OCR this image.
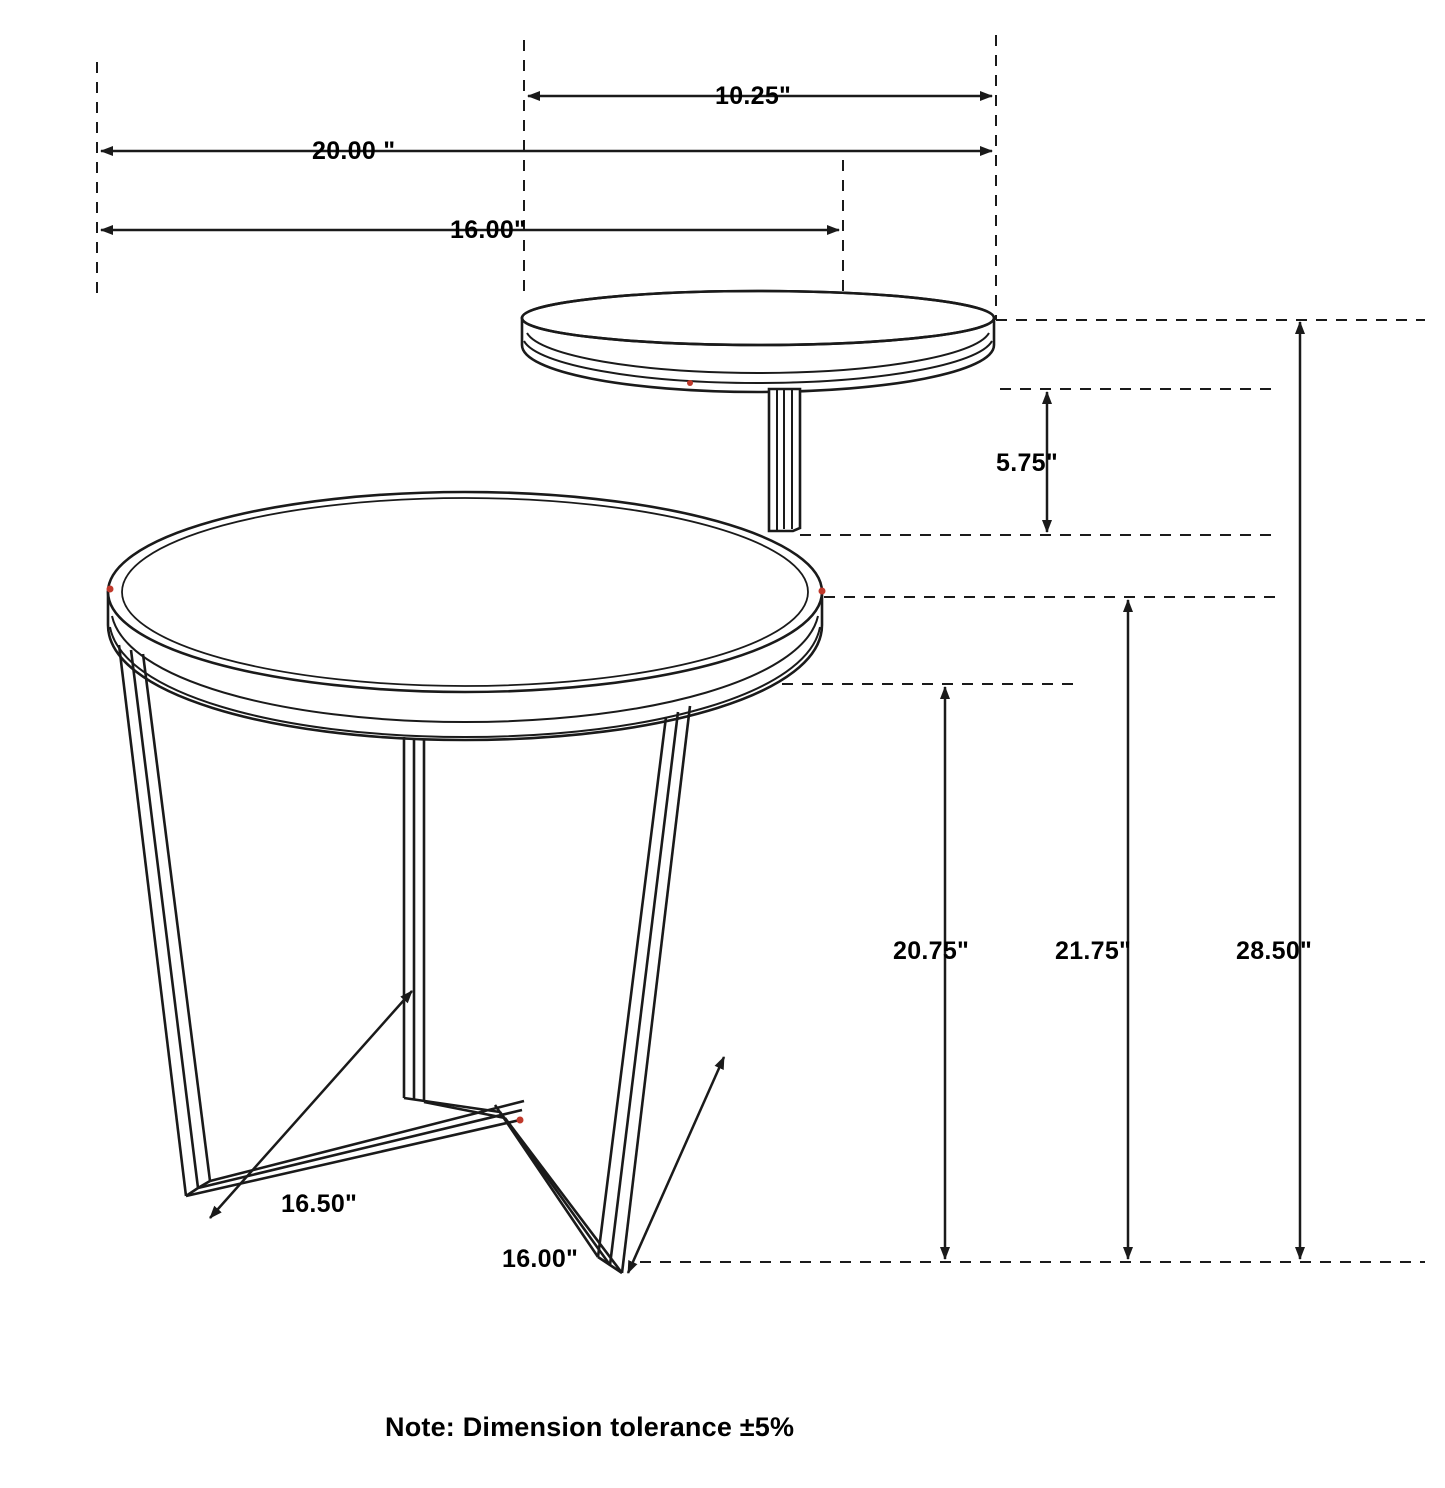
10.25"
20.00 "
16.00"
5.75"
20.75"	21.75"	28.50"
16.50"
16.00"
Note: Dimension tolerance ±5%
